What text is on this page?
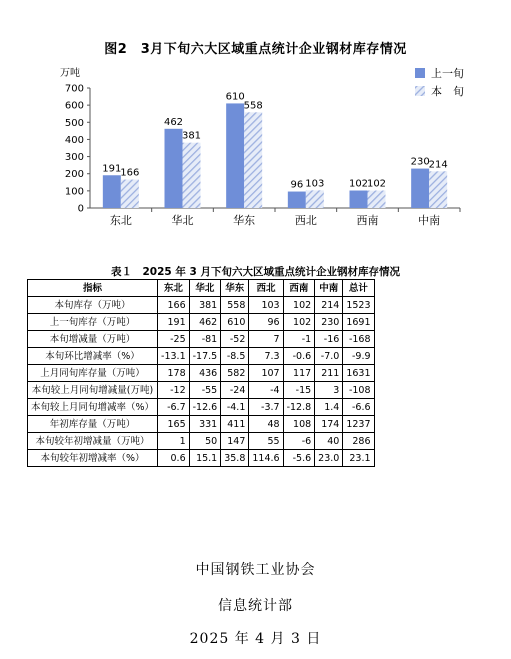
图2　3月下旬六大区域重点统计企业钢材库存情况
0
100
200
300
400
500
600
700
万吨
东北	华北	华东	西北	西南	中南
191
166
462
381
610
558
96 103 102
102
230
214
上一旬
本　旬
表１　2025 年 3 月下旬六大区域重点统计企业钢材库存情况
指标	东北	华北	华东	西北	西南	中南	总计
本旬库存（万吨）	166	381	558	103	102	214	1523
上一旬库存（万吨）	191	462	610	96	102	230	1691
本旬增减量（万吨）	-25	-81	-52	7	-1	-16	-168
本旬环比增减率（%）	-13.1	-17.5	-8.5	7.3	-0.6	-7.0	-9.9
上月同旬库存量（万吨）	178	436	582	107	117	211	1631
本旬较上月同旬增减量(万吨)	-12	-55	-24	-4	-15	3	-108
本旬较上月同旬增减率（%）	-6.7	-12.6	-4.1	-3.7	-12.8	1.4	-6.6
年初库存量（万吨）	165	331	411	48	108	174	1237
本旬较年初增减量（万吨）	1	50	147	55	-6	40	286
本旬较年初增减率（%）	0.6	15.1	35.8	114.6	-5.6	23.0	23.1
中国钢铁工业协会
信息统计部
2025 年 4 月 3 日
